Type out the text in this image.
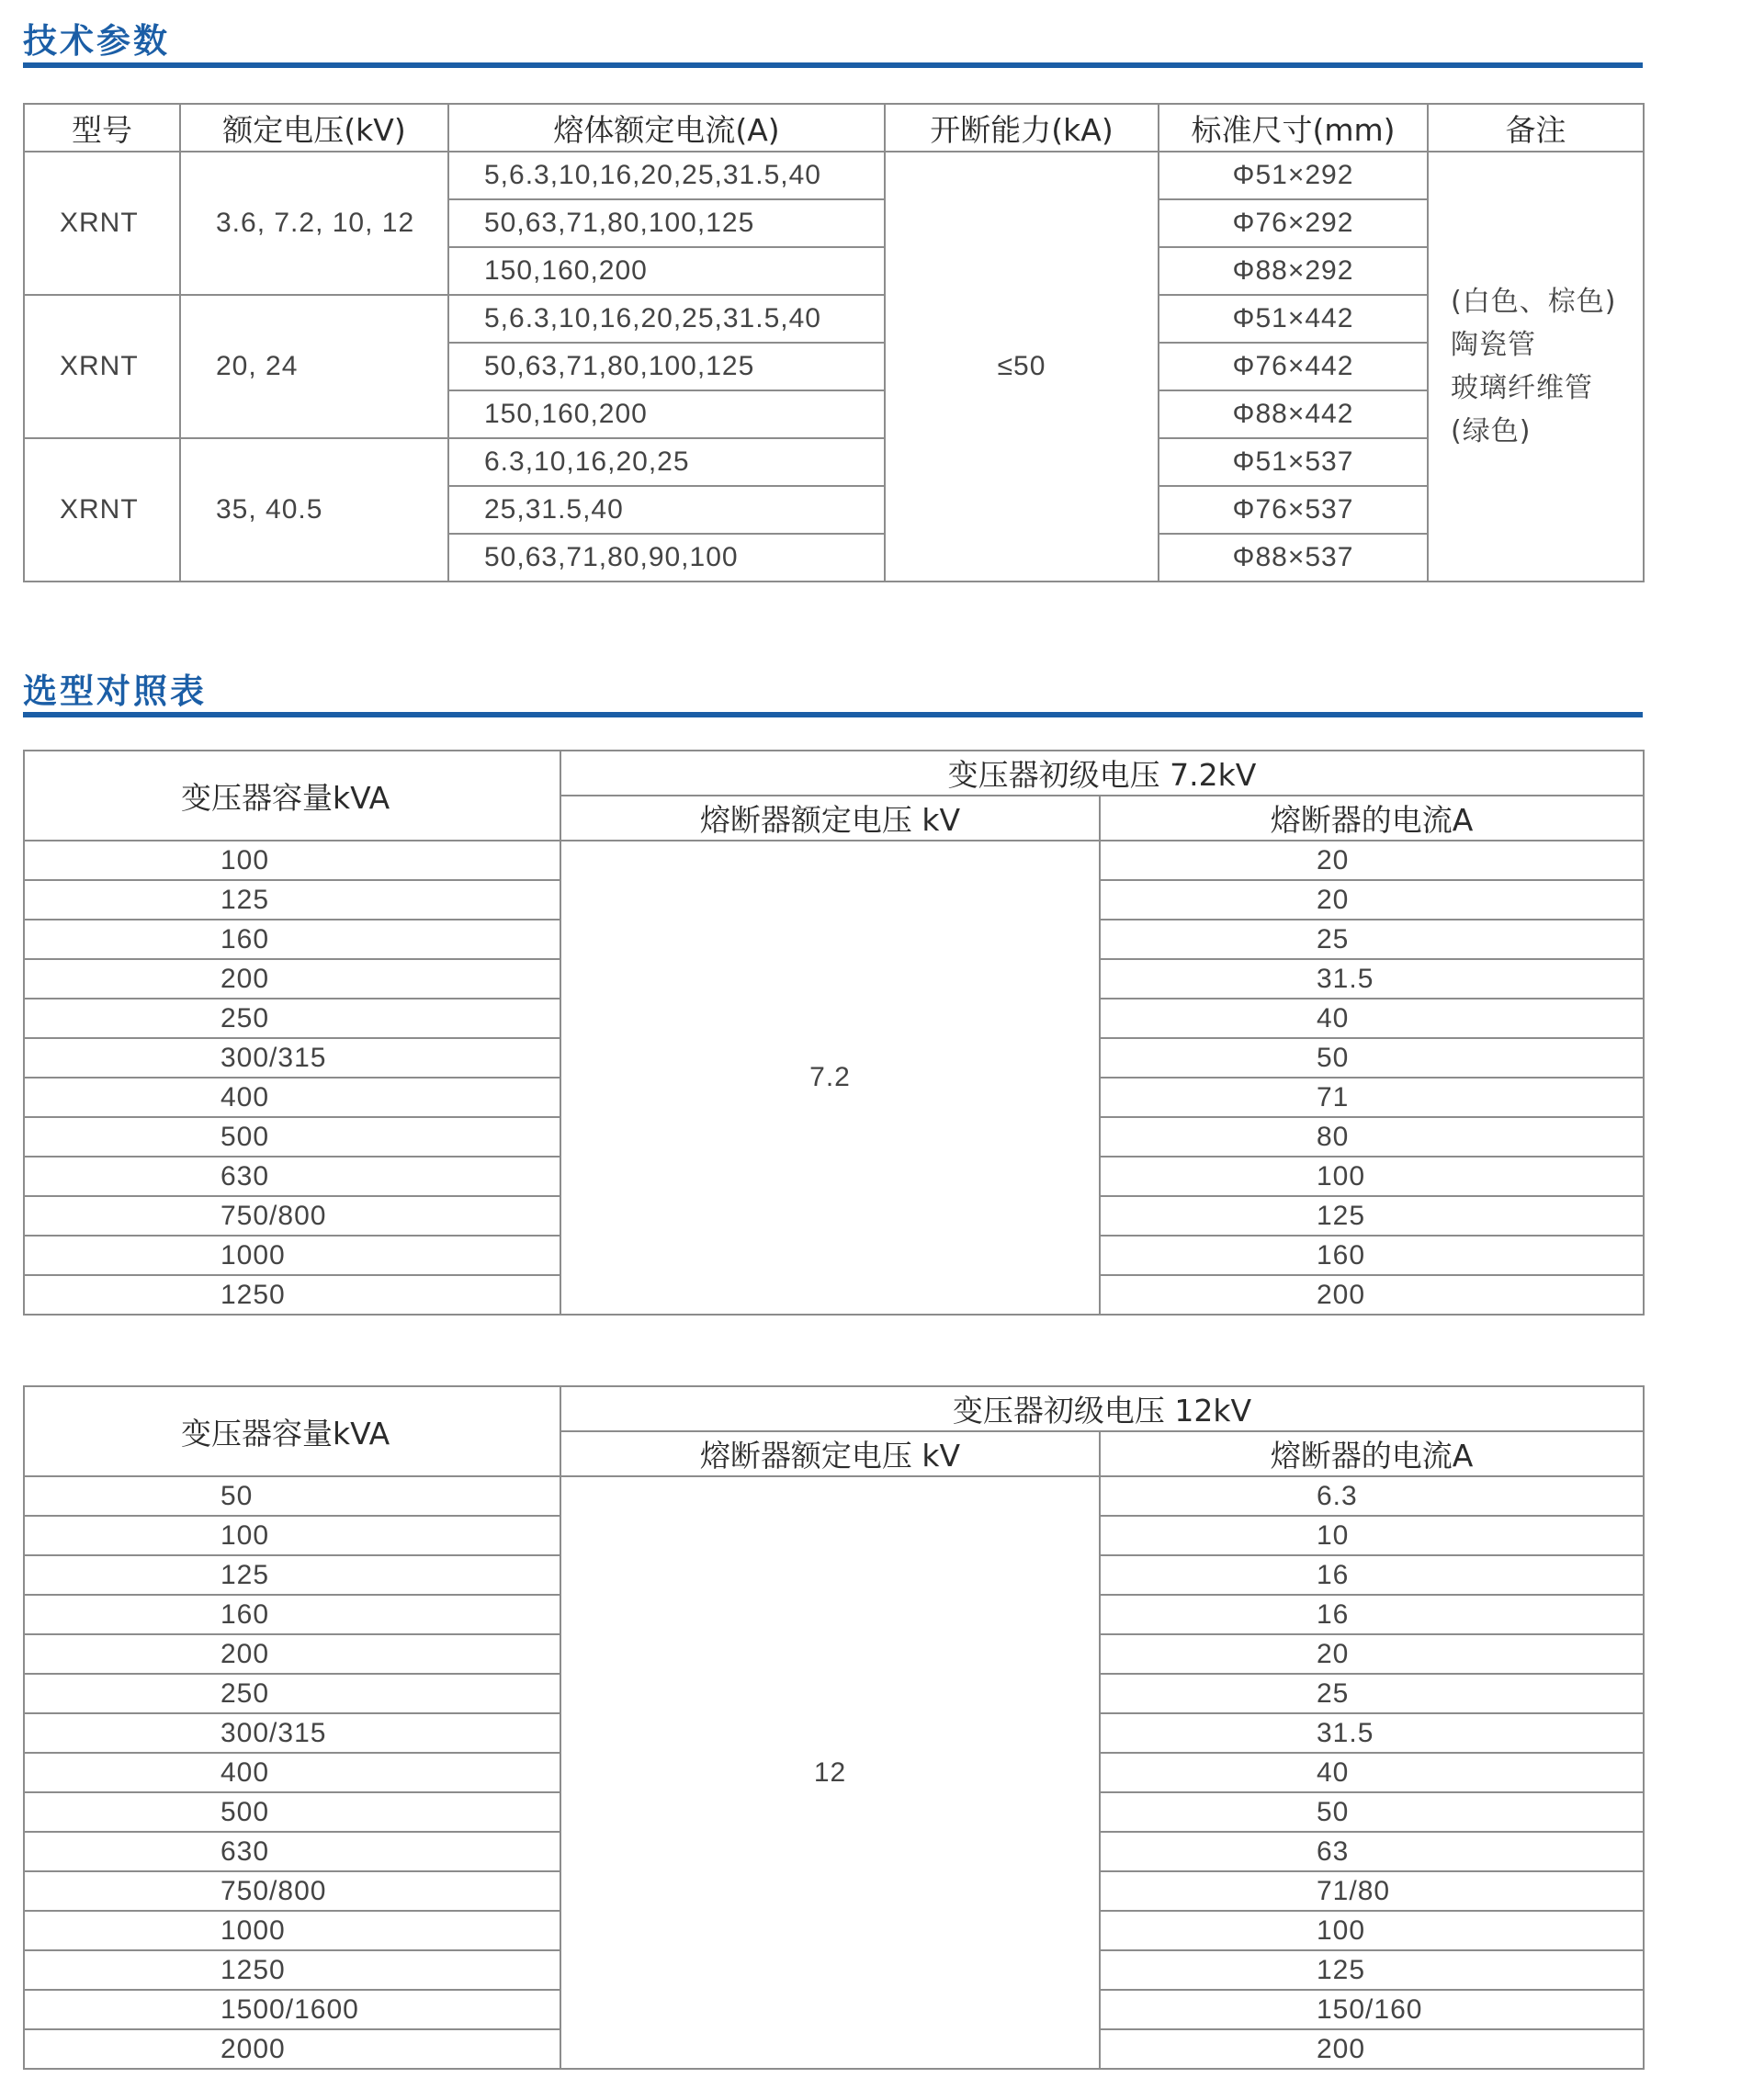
技术参数
型号	额定电压(kV)	熔体额定电流(A)	开断能力(kA)	标准尺寸(mm)	备注
XRNT	3.6, 7.2, 10, 12	5,6.3,10,16,20,25,31.5,40	≤50	Φ51×292	(白色、棕色)
陶瓷管
玻璃纤维管
(绿色)

		50,63,71,80,100,125		Φ76×292	
		150,160,200		Φ88×292	
XRNT	20, 24	5,6.3,10,16,20,25,31.5,40		Φ51×442	
		50,63,71,80,100,125		Φ76×442	
		150,160,200		Φ88×442	
XRNT	35, 40.5	6.3,10,16,20,25		Φ51×537	
		25,31.5,40		Φ76×537	
		50,63,71,80,90,100		Φ88×537	
选型对照表
变压器容量kVA	变压器初级电压 7.2kV	
	熔断器额定电压 kV	熔断器的电流A
100	7.2	20
125		20
160		25
200		31.5
250		40
300/315		50
400		71
500		80
630		100
750/800		125
1000		160
1250		200
变压器容量kVA	变压器初级电压 12kV	
	熔断器额定电压 kV	熔断器的电流A
50	12	6.3
100		10
125		16
160		16
200		20
250		25
300/315		31.5
400		40
500		50
630		63
750/800		71/80
1000		100
1250		125
1500/1600		150/160
2000		200
